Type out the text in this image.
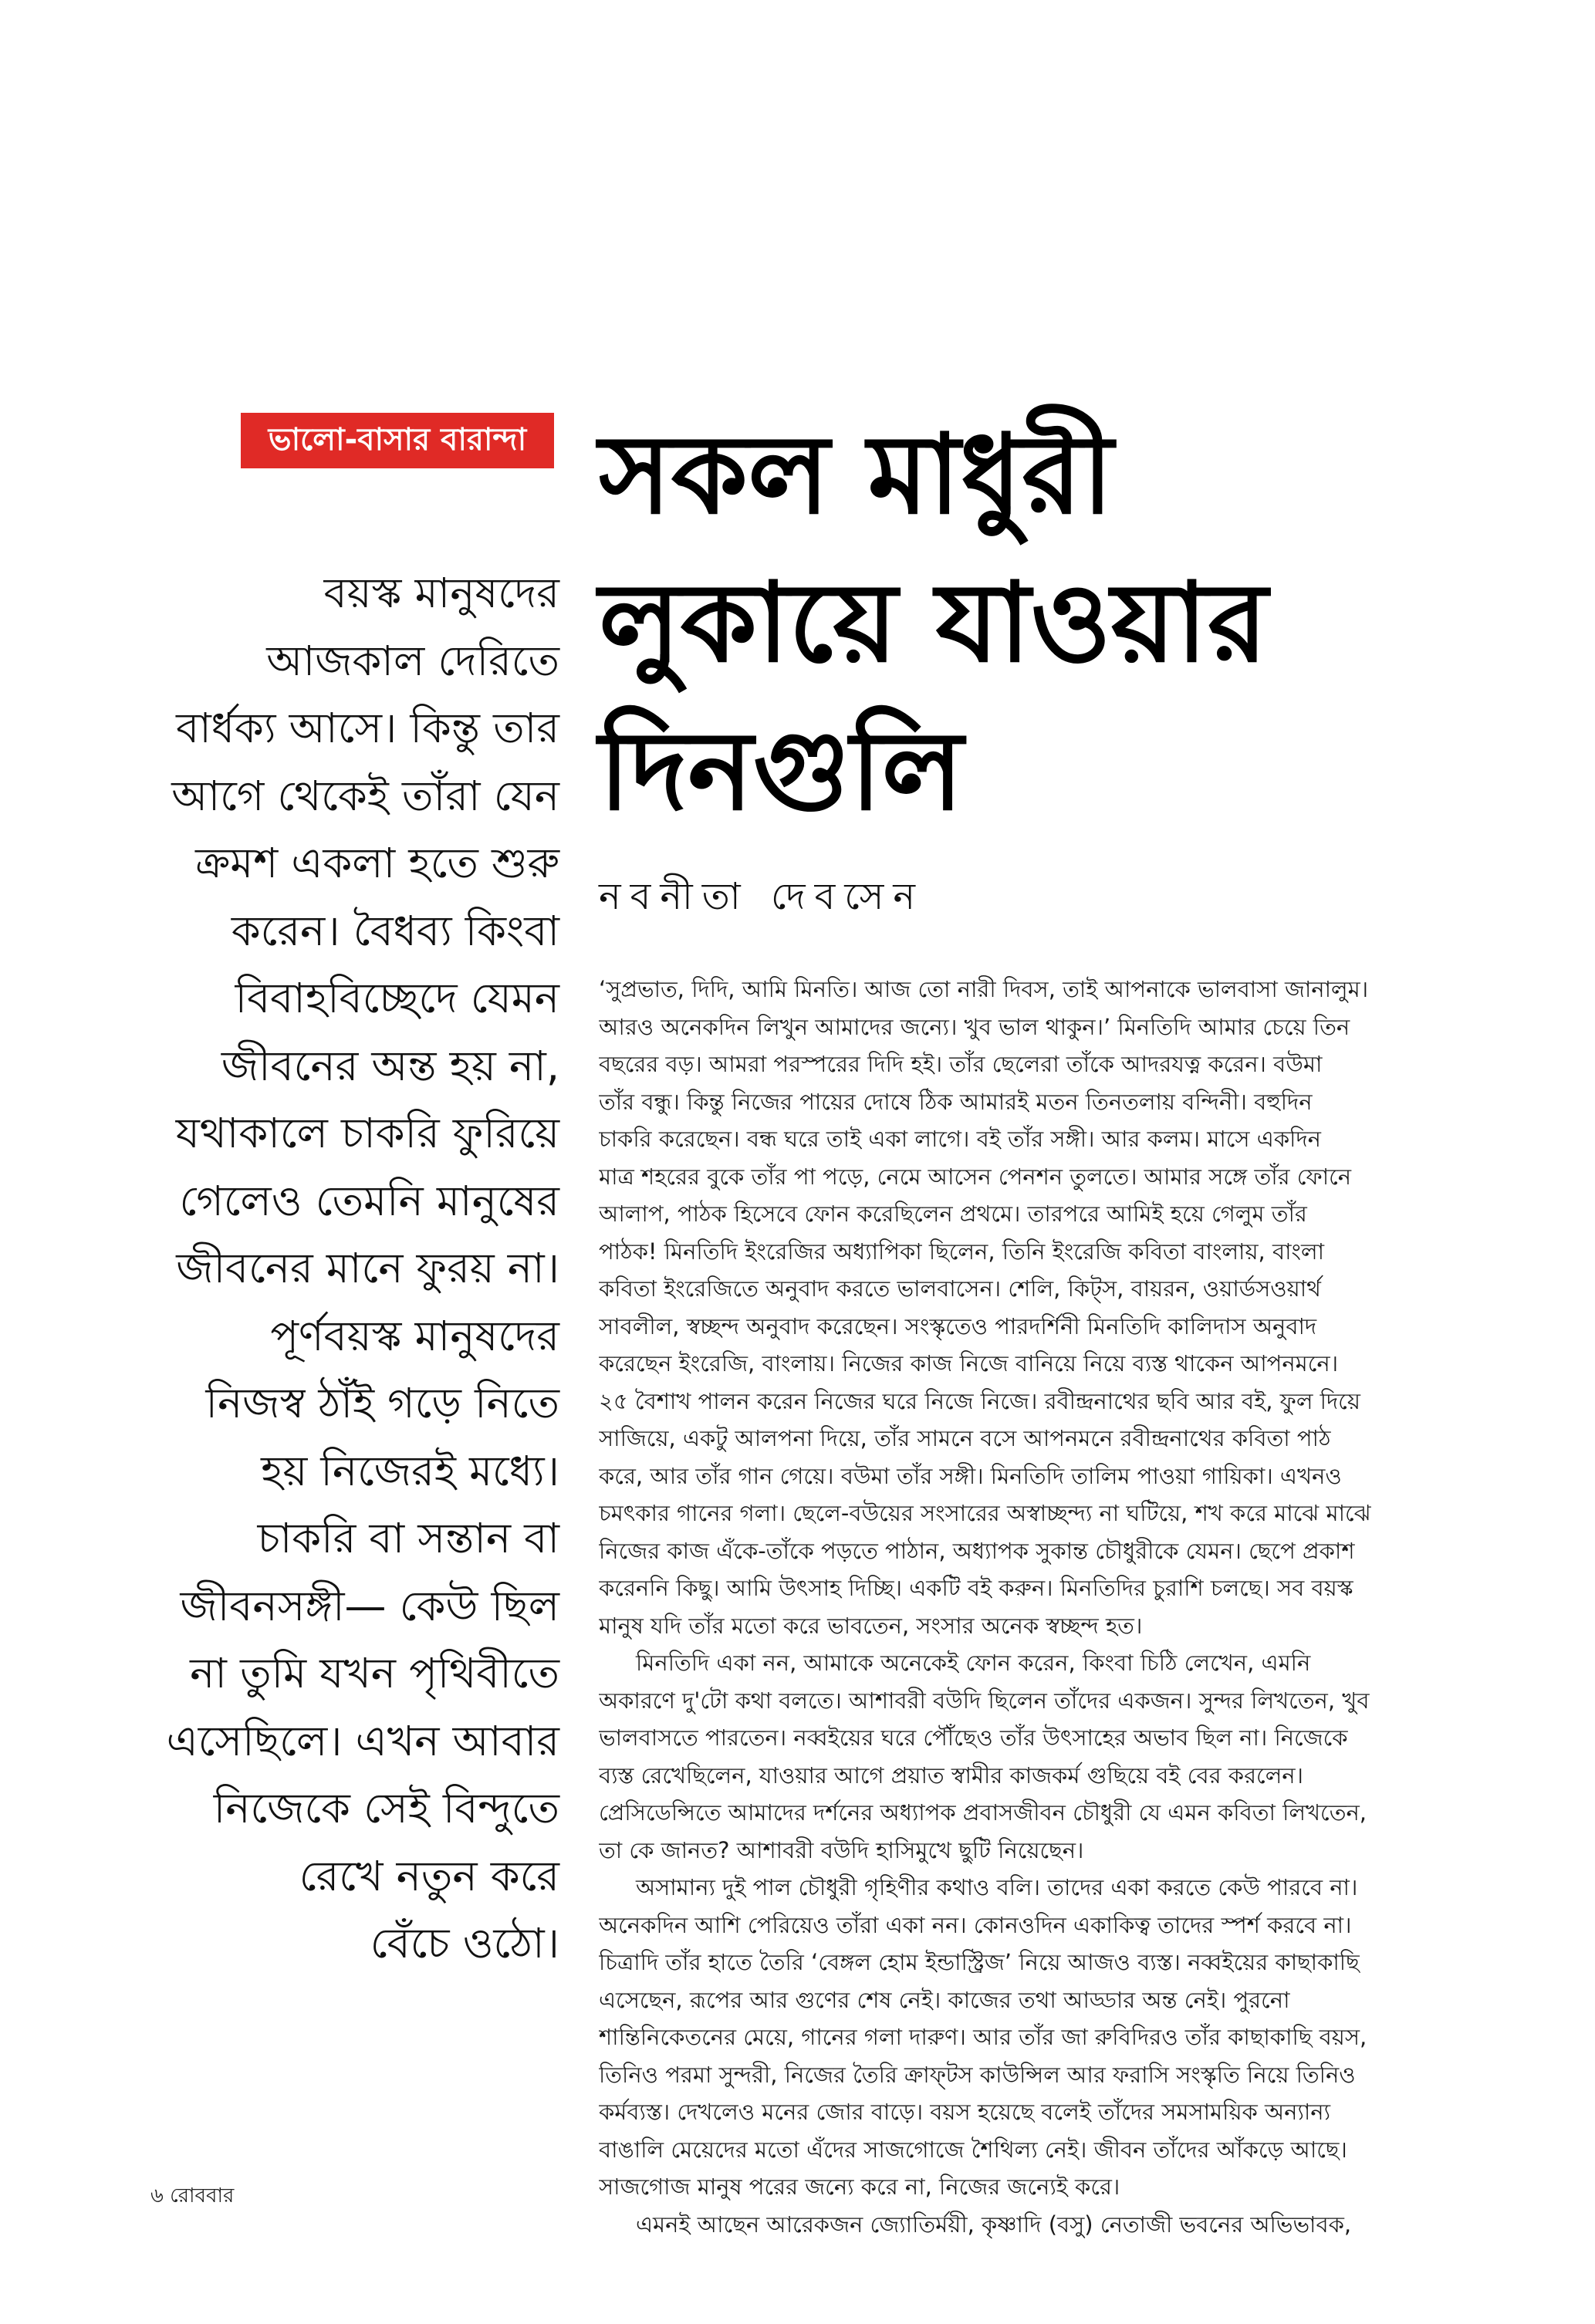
ভালো-বাসার বারান্দা সকল মাধুরী
লুকায়ে যাওয়ার
দিনগুলি
নবনীতা দেবসেন
বয়স্ক মানুষদের
আজকাল দেরিতে
বার্ধক্য আসে। কিন্তু তার
আগে থেকেই তাঁরা যেন
ক্রমশ একলা হতে শুরু
করেন। বৈধব্য কিংবা
বিবাহবিচ্ছেদে যেমন
জীবনের অন্ত হয় না,
যথাকালে চাকরি ফুরিয়ে
গেলেও তেমনি মানুষের
জীবনের মানে ফুরয় না।
পূর্ণবয়স্ক মানুষদের
নিজস্ব ঠাঁই গড়ে নিতে
হয় নিজেরই মধ্যে।
চাকরি বা সন্তান বা
জীবনসঙ্গী— কেউ ছিল
না তুমি যখন পৃথিবীতে
এসেছিলে। এখন আবার
নিজেকে সেই বিন্দুতে
রেখে নতুন করে
বেঁচে ওঠো।
‘সুপ্রভাত, দিদি, আমি মিনতি। আজ তো নারী দিবস, তাই আপনাকে ভালবাসা জানালুম।
আরও অনেকদিন লিখুন আমাদের জন্যে। খুব ভাল থাকুন।’ মিনতিদি আমার চেয়ে তিন
বছরের বড়। আমরা পরস্পরের দিদি হই। তাঁর ছেলেরা তাঁকে আদরযত্ন করেন। বউমা
তাঁর বন্ধু। কিন্তু নিজের পায়ের দোষে ঠিক আমারই মতন তিনতলায় বন্দিনী। বহুদিন
চাকরি করেছেন। বন্ধ ঘরে তাই একা লাগে। বই তাঁর সঙ্গী। আর কলম। মাসে একদিন
মাত্র শহরের বুকে তাঁর পা পড়ে, নেমে আসেন পেনশন তুলতে। আমার সঙ্গে তাঁর ফোনে
আলাপ, পাঠক হিসেবে ফোন করেছিলেন প্রথমে। তারপরে আমিই হয়ে গেলুম তাঁর
পাঠক! মিনতিদি ইংরেজির অধ্যাপিকা ছিলেন, তিনি ইংরেজি কবিতা বাংলায়, বাংলা
কবিতা ইংরেজিতে অনুবাদ করতে ভালবাসেন। শেলি, কিট্‌স, বায়রন, ওয়ার্ডসওয়ার্থ
সাবলীল, স্বচ্ছন্দ অনুবাদ করেছেন। সংস্কৃতেও পারদর্শিনী মিনতিদি কালিদাস অনুবাদ
করেছেন ইংরেজি, বাংলায়। নিজের কাজ নিজে বানিয়ে নিয়ে ব্যস্ত থাকেন আপনমনে।
২৫ বৈশাখ পালন করেন নিজের ঘরে নিজে নিজে। রবীন্দ্রনাথের ছবি আর বই, ফুল দিয়ে
সাজিয়ে, একটু আলপনা দিয়ে, তাঁর সামনে বসে আপনমনে রবীন্দ্রনাথের কবিতা পাঠ
করে, আর তাঁর গান গেয়ে। বউমা তাঁর সঙ্গী। মিনতিদি তালিম পাওয়া গায়িকা। এখনও
চমৎকার গানের গলা। ছেলে-বউয়ের সংসারের অস্বাচ্ছন্দ্য না ঘটিয়ে, শখ করে মাঝে মাঝে
নিজের কাজ এঁকে-তাঁকে পড়তে পাঠান, অধ্যাপক সুকান্ত চৌধুরীকে যেমন। ছেপে প্রকাশ
করেননি কিছু। আমি উৎসাহ দিচ্ছি। একটি বই করুন। মিনতিদির চুরাশি চলছে। সব বয়স্ক
মানুষ যদি তাঁর মতো করে ভাবতেন, সংসার অনেক স্বচ্ছন্দ হত।
মিনতিদি একা নন, আমাকে অনেকেই ফোন করেন, কিংবা চিঠি লেখেন, এমনি
অকারণে দু'টো কথা বলতে। আশাবরী বউদি ছিলেন তাঁদের একজন। সুন্দর লিখতেন, খুব
ভালবাসতে পারতেন। নব্বইয়ের ঘরে পৌঁছেও তাঁর উৎসাহের অভাব ছিল না। নিজেকে
ব্যস্ত রেখেছিলেন, যাওয়ার আগে প্রয়াত স্বামীর কাজকর্ম গুছিয়ে বই বের করলেন।
প্রেসিডেন্সিতে আমাদের দর্শনের অধ্যাপক প্রবাসজীবন চৌধুরী যে এমন কবিতা লিখতেন,
তা কে জানত? আশাবরী বউদি হাসিমুখে ছুটি নিয়েছেন।
অসামান্য দুই পাল চৌধুরী গৃহিণীর কথাও বলি। তাদের একা করতে কেউ পারবে না।
অনেকদিন আশি পেরিয়েও তাঁরা একা নন। কোনওদিন একাকিত্ব তাদের স্পর্শ করবে না।
চিত্রাদি তাঁর হাতে তৈরি ‘বেঙ্গল হোম ইন্ডাস্ট্রিজ’ নিয়ে আজও ব্যস্ত। নব্বইয়ের কাছাকাছি
এসেছেন, রূপের আর গুণের শেষ নেই। কাজের তথা আড্ডার অন্ত নেই। পুরনো
শান্তিনিকেতনের মেয়ে, গানের গলা দারুণ। আর তাঁর জা রুবিদিরও তাঁর কাছাকাছি বয়স,
তিনিও পরমা সুন্দরী, নিজের তৈরি ক্রাফ্‌টস কাউন্সিল আর ফরাসি সংস্কৃতি নিয়ে তিনিও
কর্মব্যস্ত। দেখলেও মনের জোর বাড়ে। বয়স হয়েছে বলেই তাঁদের সমসাময়িক অন্যান্য
বাঙালি মেয়েদের মতো এঁদের সাজগোজে শৈথিল্য নেই। জীবন তাঁদের আঁকড়ে আছে।
সাজগোজ মানুষ পরের জন্যে করে না, নিজের জন্যেই করে।
এমনই আছেন আরেকজন জ্যোতির্ময়ী, কৃষ্ণাদি (বসু) নেতাজী ভবনের অভিভাবক,
৬ রোববার
